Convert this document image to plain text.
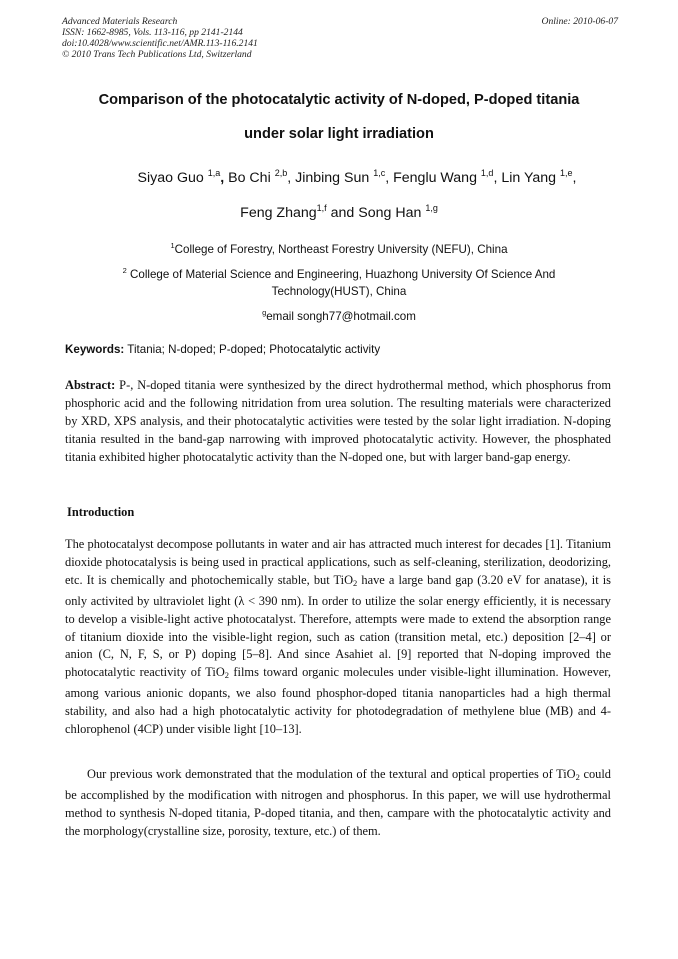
Advanced Materials Research
ISSN: 1662-8985, Vols. 113-116, pp 2141-2144
doi:10.4028/www.scientific.net/AMR.113-116.2141
© 2010 Trans Tech Publications Ltd, Switzerland
Online: 2010-06-07
Comparison of the photocatalytic activity of N-doped, P-doped titania
under solar light irradiation
Siyao Guo $^{1,a}$, Bo Chi $^{2,b}$, Jinbing Sun $^{1,c}$, Fenglu Wang $^{1,d}$, Lin Yang $^{1,e}$,
Feng Zhang$^{1,f}$ and Song Han $^{1,g}$
$^1$College of Forestry, Northeast Forestry University (NEFU), China
$^2$ College of Material Science and Engineering, Huazhong University Of Science And
Technology(HUST), China
$^g$email songh77@hotmail.com
Keywords: Titania; N-doped; P-doped; Photocatalytic activity
Abstract: P-, N-doped titania were synthesized by the direct hydrothermal method, which phosphorus from phosphoric acid and the following nitridation from urea solution. The resulting materials were characterized by XRD, XPS analysis, and their photocatalytic activities were tested by the solar light irradiation. N-doping titania resulted in the band-gap narrowing with improved photocatalytic activity. However, the phosphated titania exhibited higher photocatalytic activity than the N-doped one, but with larger band-gap energy.
Introduction
The photocatalyst decompose pollutants in water and air has attracted much interest for decades [1]. Titanium dioxide photocatalysis is being used in practical applications, such as self-cleaning, sterilization, deodorizing, etc. It is chemically and photochemically stable, but TiO$_2$ have a large band gap (3.20 eV for anatase), it is only activited by ultraviolet light (λ < 390 nm). In order to utilize the solar energy efficiently, it is necessary to develop a visible-light active photocatalyst. Therefore, attempts were made to extend the absorption range of titanium dioxide into the visible-light region, such as cation (transition metal, etc.) deposition [2–4] or anion (C, N, F, S, or P) doping [5–8]. And since Asahiet al. [9] reported that N-doping improved the photocatalytic reactivity of TiO$_2$ films toward organic molecules under visible-light illumination. However, among various anionic dopants, we also found phosphor-doped titania nanoparticles had a high thermal stability, and also had a high photocatalytic activity for photodegradation of methylene blue (MB) and 4-chlorophenol (4CP) under visible light [10–13].
Our previous work demonstrated that the modulation of the textural and optical properties of TiO$_2$ could be accomplished by the modification with nitrogen and phosphorus. In this paper, we will use hydrothermal method to synthesis N-doped titania, P-doped titania, and then, campare with the photocatalytic activity and the morphology(crystalline size, porosity, texture, etc.) of them.
